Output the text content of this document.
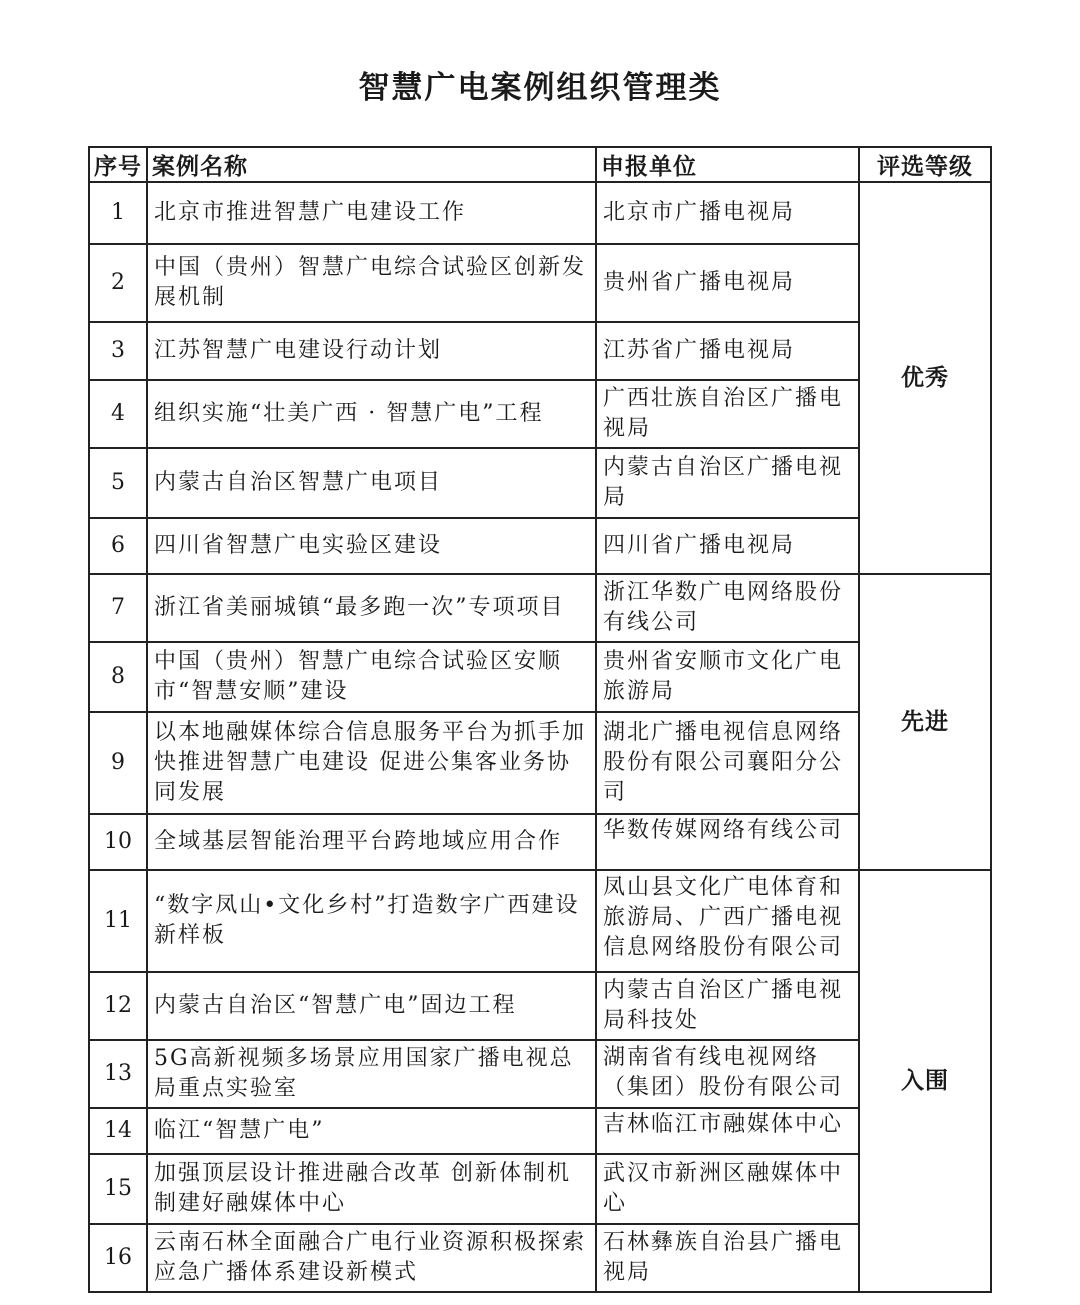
智慧广电案例组织管理类
序号	案例名称	申报单位	评选等级
1	北京市推进智慧广电建设工作	北京市广播电视局	优秀
2	中国（贵州）智慧广电综合试验区创新发展机制	贵州省广播电视局	
3	江苏智慧广电建设行动计划	江苏省广播电视局	
4	组织实施“壮美广西 · 智慧广电”工程	广西壮族自治区广播电视局	
5	内蒙古自治区智慧广电项目	内蒙古自治区广播电视局	
6	四川省智慧广电实验区建设	四川省广播电视局	
7	浙江省美丽城镇“最多跑一次”专项项目	浙江华数广电网络股份有线公司	先进
8	中国（贵州）智慧广电综合试验区安顺市“智慧安顺”建设	贵州省安顺市文化广电旅游局	
9	以本地融媒体综合信息服务平台为抓手加快推进智慧广电建设 促进公集客业务协同发展	湖北广播电视信息网络股份有限公司襄阳分公司	
10	全域基层智能治理平台跨地域应用合作	华数传媒网络有线公司	

11	“数字凤山•文化乡村”打造数字广西建设新样板	凤山县文化广电体育和旅游局、广西广播电视信息网络股份有限公司	入围
12	内蒙古自治区“智慧广电”固边工程	内蒙古自治区广播电视局科技处	
13	5G高新视频多场景应用国家广播电视总局重点实验室	湖南省有线电视网络（集团）股份有限公司	

14	临江“智慧广电”	吉林临江市融媒体中心	

15	加强顶层设计推进融合改革 创新体制机制建好融媒体中心	武汉市新洲区融媒体中心	
16	云南石林全面融合广电行业资源积极探索应急广播体系建设新模式	石林彝族自治县广播电视局	
